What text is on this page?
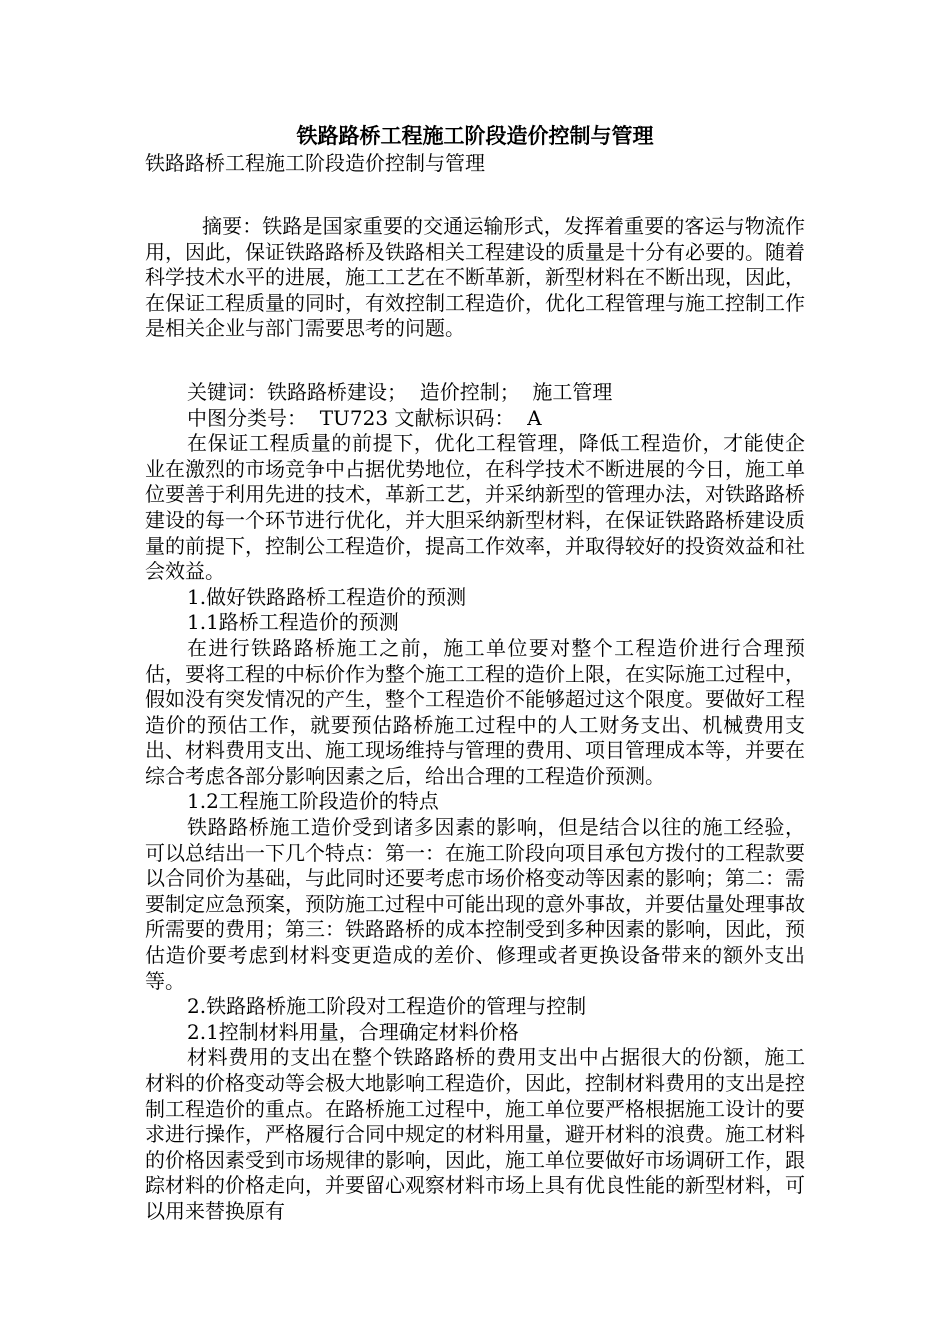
铁路路桥工程施工阶段造价控制与管理

铁路路桥工程施工阶段造价控制与管理

摘要：铁路是国家重要的交通运输形式，发挥着重要的客运与物流作用，因此，保证铁路路桥及铁路相关工程建设的质量是十分有必要的。随着科学技术水平的进展，施工工艺在不断革新，新型材料在不断出现，因此，在保证工程质量的同时，有效控制工程造价，优化工程管理与施工控制工作是相关企业与部门需要思考的问题。

关键词：铁路路桥建设；  造价控制；  施工管理

中图分类号：  TU723 文献标识码：  A

在保证工程质量的前提下，优化工程管理，降低工程造价，才能使企业在激烈的市场竞争中占据优势地位，在科学技术不断进展的今日，施工单位要善于利用先进的技术，革新工艺，并采纳新型的管理办法，对铁路路桥建设的每一个环节进行优化，并大胆采纳新型材料，在保证铁路路桥建设质量的前提下，控制公工程造价，提高工作效率，并取得较好的投资效益和社会效益。

1.做好铁路路桥工程造价的预测

1.1路桥工程造价的预测

在进行铁路路桥施工之前，施工单位要对整个工程造价进行合理预估，要将工程的中标价作为整个施工工程的造价上限，在实际施工过程中，假如没有突发情况的产生，整个工程造价不能够超过这个限度。要做好工程造价的预估工作，就要预估路桥施工过程中的人工财务支出、机械费用支出、材料费用支出、施工现场维持与管理的费用、项目管理成本等，并要在综合考虑各部分影响因素之后，给出合理的工程造价预测。

1.2工程施工阶段造价的特点

铁路路桥施工造价受到诸多因素的影响，但是结合以往的施工经验，可以总结出一下几个特点：第一：在施工阶段向项目承包方拨付的工程款要以合同价为基础，与此同时还要考虑市场价格变动等因素的影响；第二：需要制定应急预案，预防施工过程中可能出现的意外事故，并要估量处理事故所需要的费用；第三：铁路路桥的成本控制受到多种因素的影响，因此，预估造价要考虑到材料变更造成的差价、修理或者更换设备带来的额外支出等。

2.铁路路桥施工阶段对工程造价的管理与控制

2.1控制材料用量，合理确定材料价格

材料费用的支出在整个铁路路桥的费用支出中占据很大的份额，施工材料的价格变动等会极大地影响工程造价，因此，控制材料费用的支出是控制工程造价的重点。在路桥施工过程中，施工单位要严格根据施工设计的要求进行操作，严格履行合同中规定的材料用量，避开材料的浪费。施工材料的价格因素受到市场规律的影响，因此，施工单位要做好市场调研工作，跟踪材料的价格走向，并要留心观察材料市场上具有优良性能的新型材料，可以用来替换原有
